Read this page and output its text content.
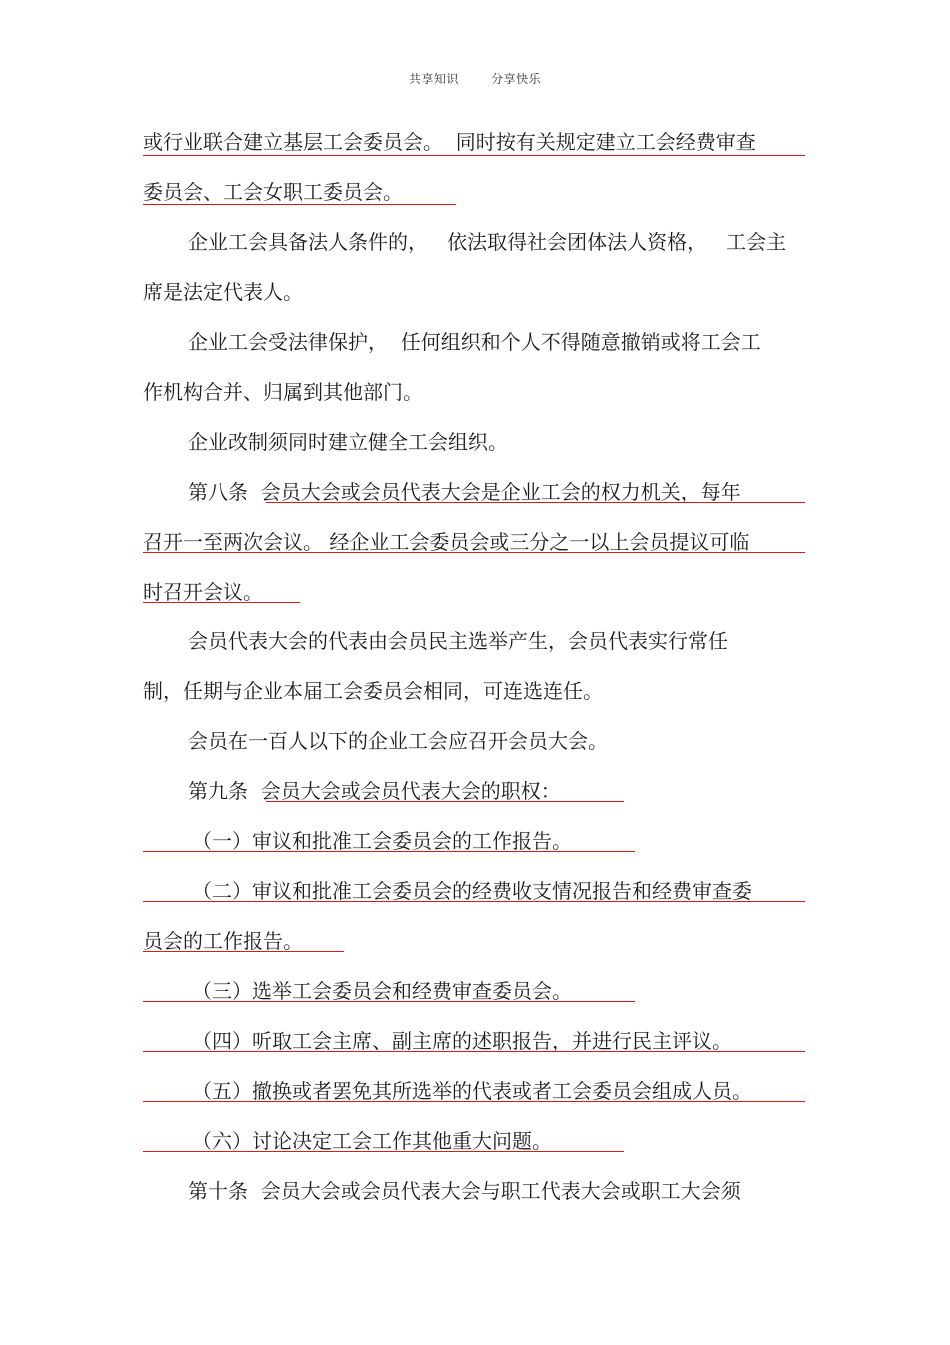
共享知识	分享快乐
或行业联合建立基层工会委员会。  同时按有关规定建立工会经费审查
委员会、工会女职工委员会。
企业工会具备法人条件的，   依法取得社会团体法人资格，   工会主
席是法定代表人。
企业工会受法律保护，  任何组织和个人不得随意撤销或将工会工
作机构合并、归属到其他部门。
企业改制须同时建立健全工会组织。
第八条  会员大会或会员代表大会是企业工会的权力机关，每年
召开一至两次会议。 经企业工会委员会或三分之一以上会员提议可临
时召开会议。
会员代表大会的代表由会员民主选举产生，会员代表实行常任
制，任期与企业本届工会委员会相同，可连选连任。
会员在一百人以下的企业工会应召开会员大会。
第九条  会员大会或会员代表大会的职权：
（一）审议和批准工会委员会的工作报告。
（二）审议和批准工会委员会的经费收支情况报告和经费审查委
员会的工作报告。
（三）选举工会委员会和经费审查委员会。
（四）听取工会主席、副主席的述职报告，并进行民主评议。
（五）撤换或者罢免其所选举的代表或者工会委员会组成人员。
（六）讨论决定工会工作其他重大问题。
第十条  会员大会或会员代表大会与职工代表大会或职工大会须
